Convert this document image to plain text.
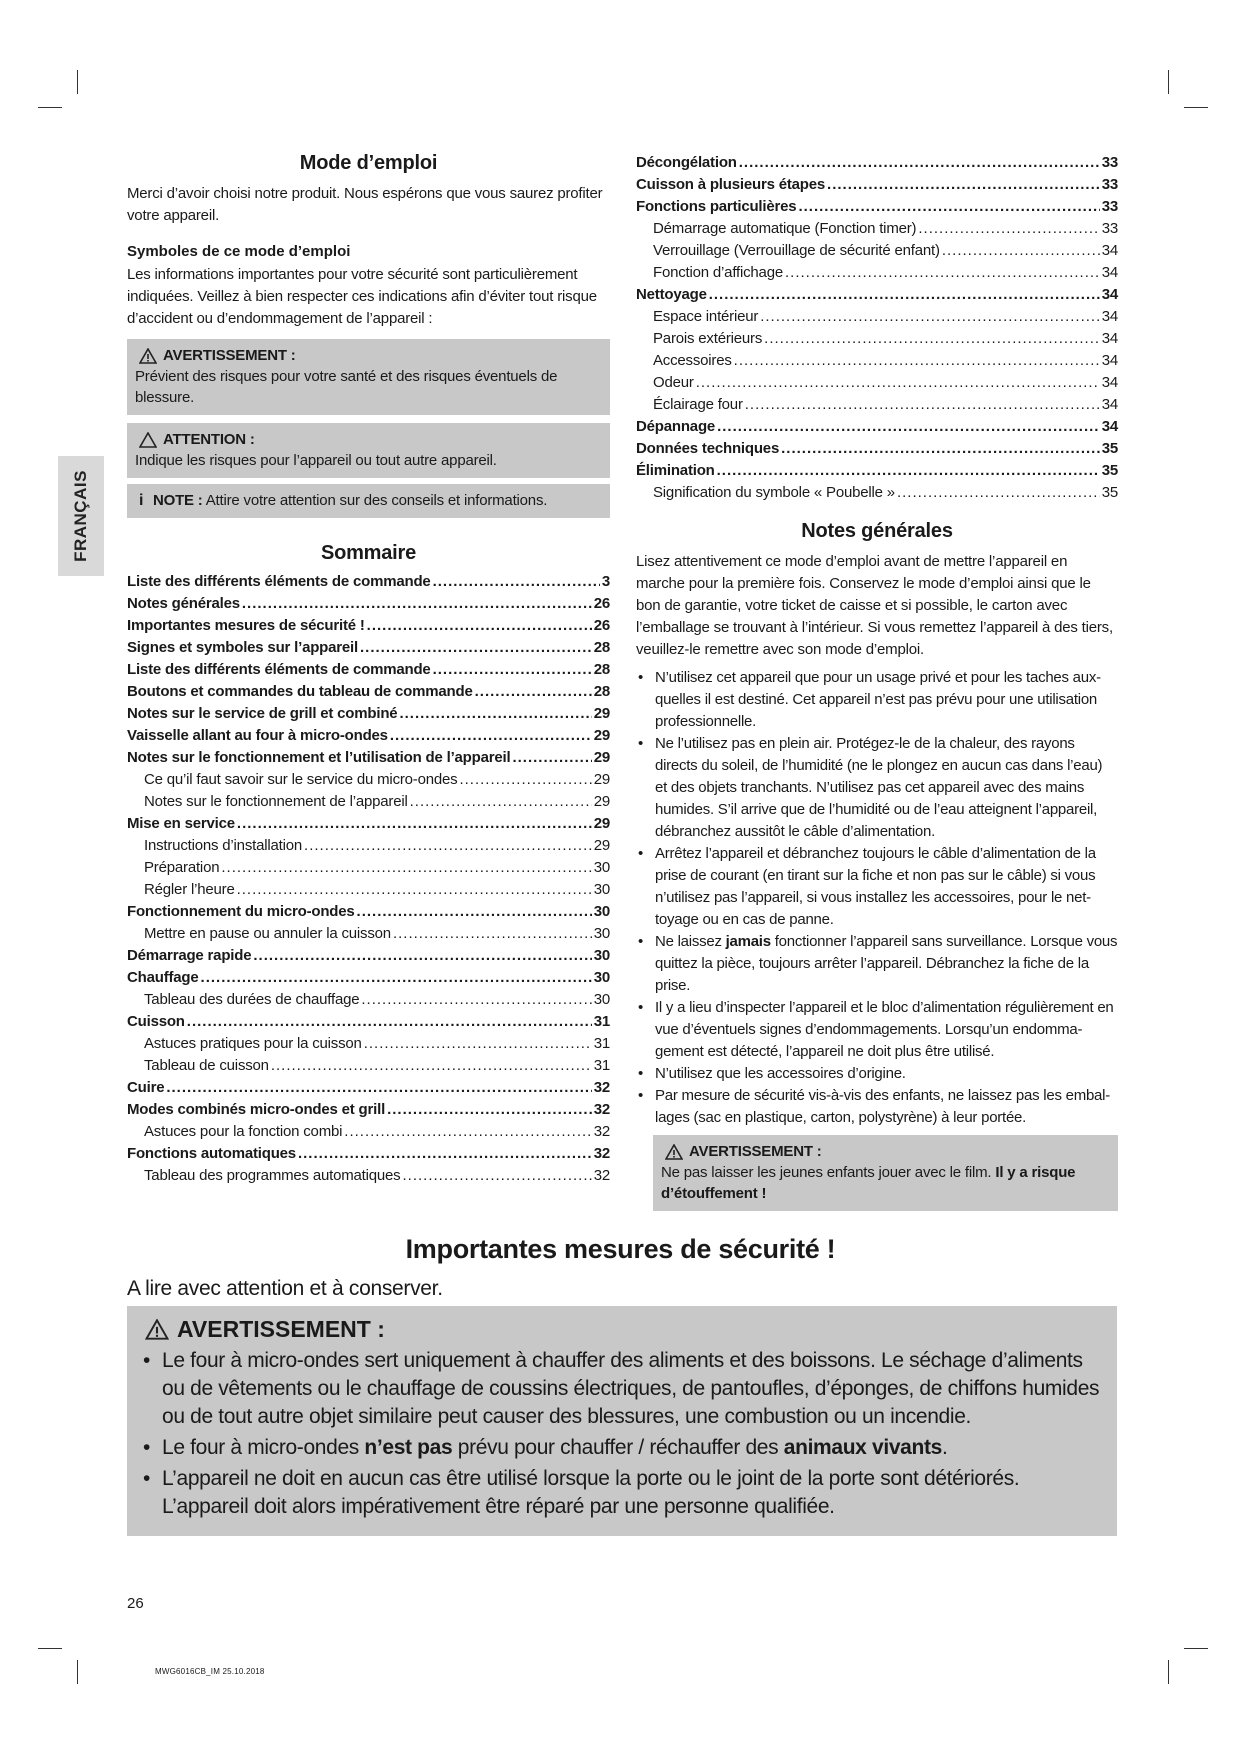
FRANÇAIS
Mode d’emploi

Merci d’avoir choisi notre produit. Nous espérons que vous saurez profiter votre appareil.

Symboles de ce mode d’emploi

Les informations importantes pour votre sécurité sont particulièrement indiquées. Veillez à bien respecter ces indications afin d’éviter tout risque d’accident ou d’endommagement de l’appareil :

AVERTISSEMENT :
Prévient des risques pour votre santé et des risques éventuels de blessure.
ATTENTION :
Indique les risques pour l’appareil ou tout autre appareil.
i NOTE : Attire votre attention sur des conseils et informations.
Sommaire
Liste des différents éléments de commande .....	3
Notes générales .....	26
Importantes mesures de sécurité ! .....	26
Signes et symboles sur l’appareil .....	28
Liste des différents éléments de commande .....	28
Boutons et commandes du tableau de commande .....	28
Notes sur le service de grill et combiné .....	29
Vaisselle allant au four à micro-ondes .....	29
Notes sur le fonctionnement et l’utilisation de l’appareil .....	29
Ce qu’il faut savoir sur le service du micro-ondes .....	29
Notes sur le fonctionnement de l’appareil .....	29
Mise en service .....	29
Instructions d’installation .....	29
Préparation .....	30
Régler l’heure .....	30
Fonctionnement du micro-ondes .....	30
Mettre en pause ou annuler la cuisson .....	30
Démarrage rapide .....	30
Chauffage .....	30
Tableau des durées de chauffage .....	30
Cuisson .....	31
Astuces pratiques pour la cuisson .....	31
Tableau de cuisson .....	31
Cuire .....	32
Modes combinés micro-ondes et grill .....	32
Astuces pour la fonction combi .....	32
Fonctions automatiques .....	32
Tableau des programmes automatiques .....	32
Décongélation .....	33
Cuisson à plusieurs étapes .....	33
Fonctions particulières .....	33
Démarrage automatique (Fonction timer) .....	33
Verrouillage (Verrouillage de sécurité enfant) .....	34
Fonction d’affichage .....	34
Nettoyage .....	34
Espace intérieur .....	34
Parois extérieurs .....	34
Accessoires .....	34
Odeur .....	34
Éclairage four .....	34
Dépannage .....	34
Données techniques .....	35
Élimination .....	35
Signification du symbole « Poubelle » .....	35
Notes générales

Lisez attentivement ce mode d’emploi avant de mettre l’appareil en marche pour la première fois. Conservez le mode d’emploi ainsi que le bon de garantie, votre ticket de caisse et si possible, le carton avec l’emballage se trouvant à l’intérieur. Si vous remettez l’appareil à des tiers, veuillez-le remettre avec son mode d’emploi.

• N’utilisez cet appareil que pour un usage privé et pour les taches auxquelles il est destiné. Cet appareil n’est pas prévu pour une utilisation professionnelle.
• Ne l’utilisez pas en plein air. Protégez-le de la chaleur, des rayons directs du soleil, de l’humidité (ne le plongez en aucun cas dans l’eau) et des objets tranchants. N’utilisez pas cet appareil avec des mains humides. S’il arrive que de l’humidité ou de l’eau atteignent l’appareil, débranchez aussitôt le câble d’alimentation.
• Arrêtez l’appareil et débranchez toujours le câble d’alimentation de la prise de courant (en tirant sur la fiche et non pas sur le câble) si vous n’utilisez pas l’appareil, si vous installez les accessoires, pour le nettoyage ou en cas de panne.
• Ne laissez jamais fonctionner l’appareil sans surveillance. Lorsque vous quittez la pièce, toujours arrêter l’appareil. Débranchez la fiche de la prise.
• Il y a lieu d’inspecter l’appareil et le bloc d’alimentation régulièrement en vue d’éventuels signes d’endommagements. Lorsqu’un endommagement est détecté, l’appareil ne doit plus être utilisé.
• N’utilisez que les accessoires d’origine.
• Par mesure de sécurité vis-à-vis des enfants, ne laissez pas les emballages (sac en plastique, carton, polystyrène) à leur portée.
AVERTISSEMENT :
Ne pas laisser les jeunes enfants jouer avec le film. Il y a risque d’étouffement !
Importantes mesures de sécurité !
A lire avec attention et à conserver.
AVERTISSEMENT :
• Le four à micro-ondes sert uniquement à chauffer des aliments et des boissons. Le séchage d’aliments ou de vêtements ou le chauffage de coussins électriques, de pantoufles, d’éponges, de chiffons humides ou de tout autre objet similaire peut causer des blessures, une combustion ou un incendie.
• Le four à micro-ondes n’est pas prévu pour chauffer / réchauffer des animaux vivants.
• L’appareil ne doit en aucun cas être utilisé lorsque la porte ou le joint de la porte sont détériorés. L’appareil doit alors impérativement être réparé par une personne qualifiée.
26
MWG6016CB_IM 25.10.2018
